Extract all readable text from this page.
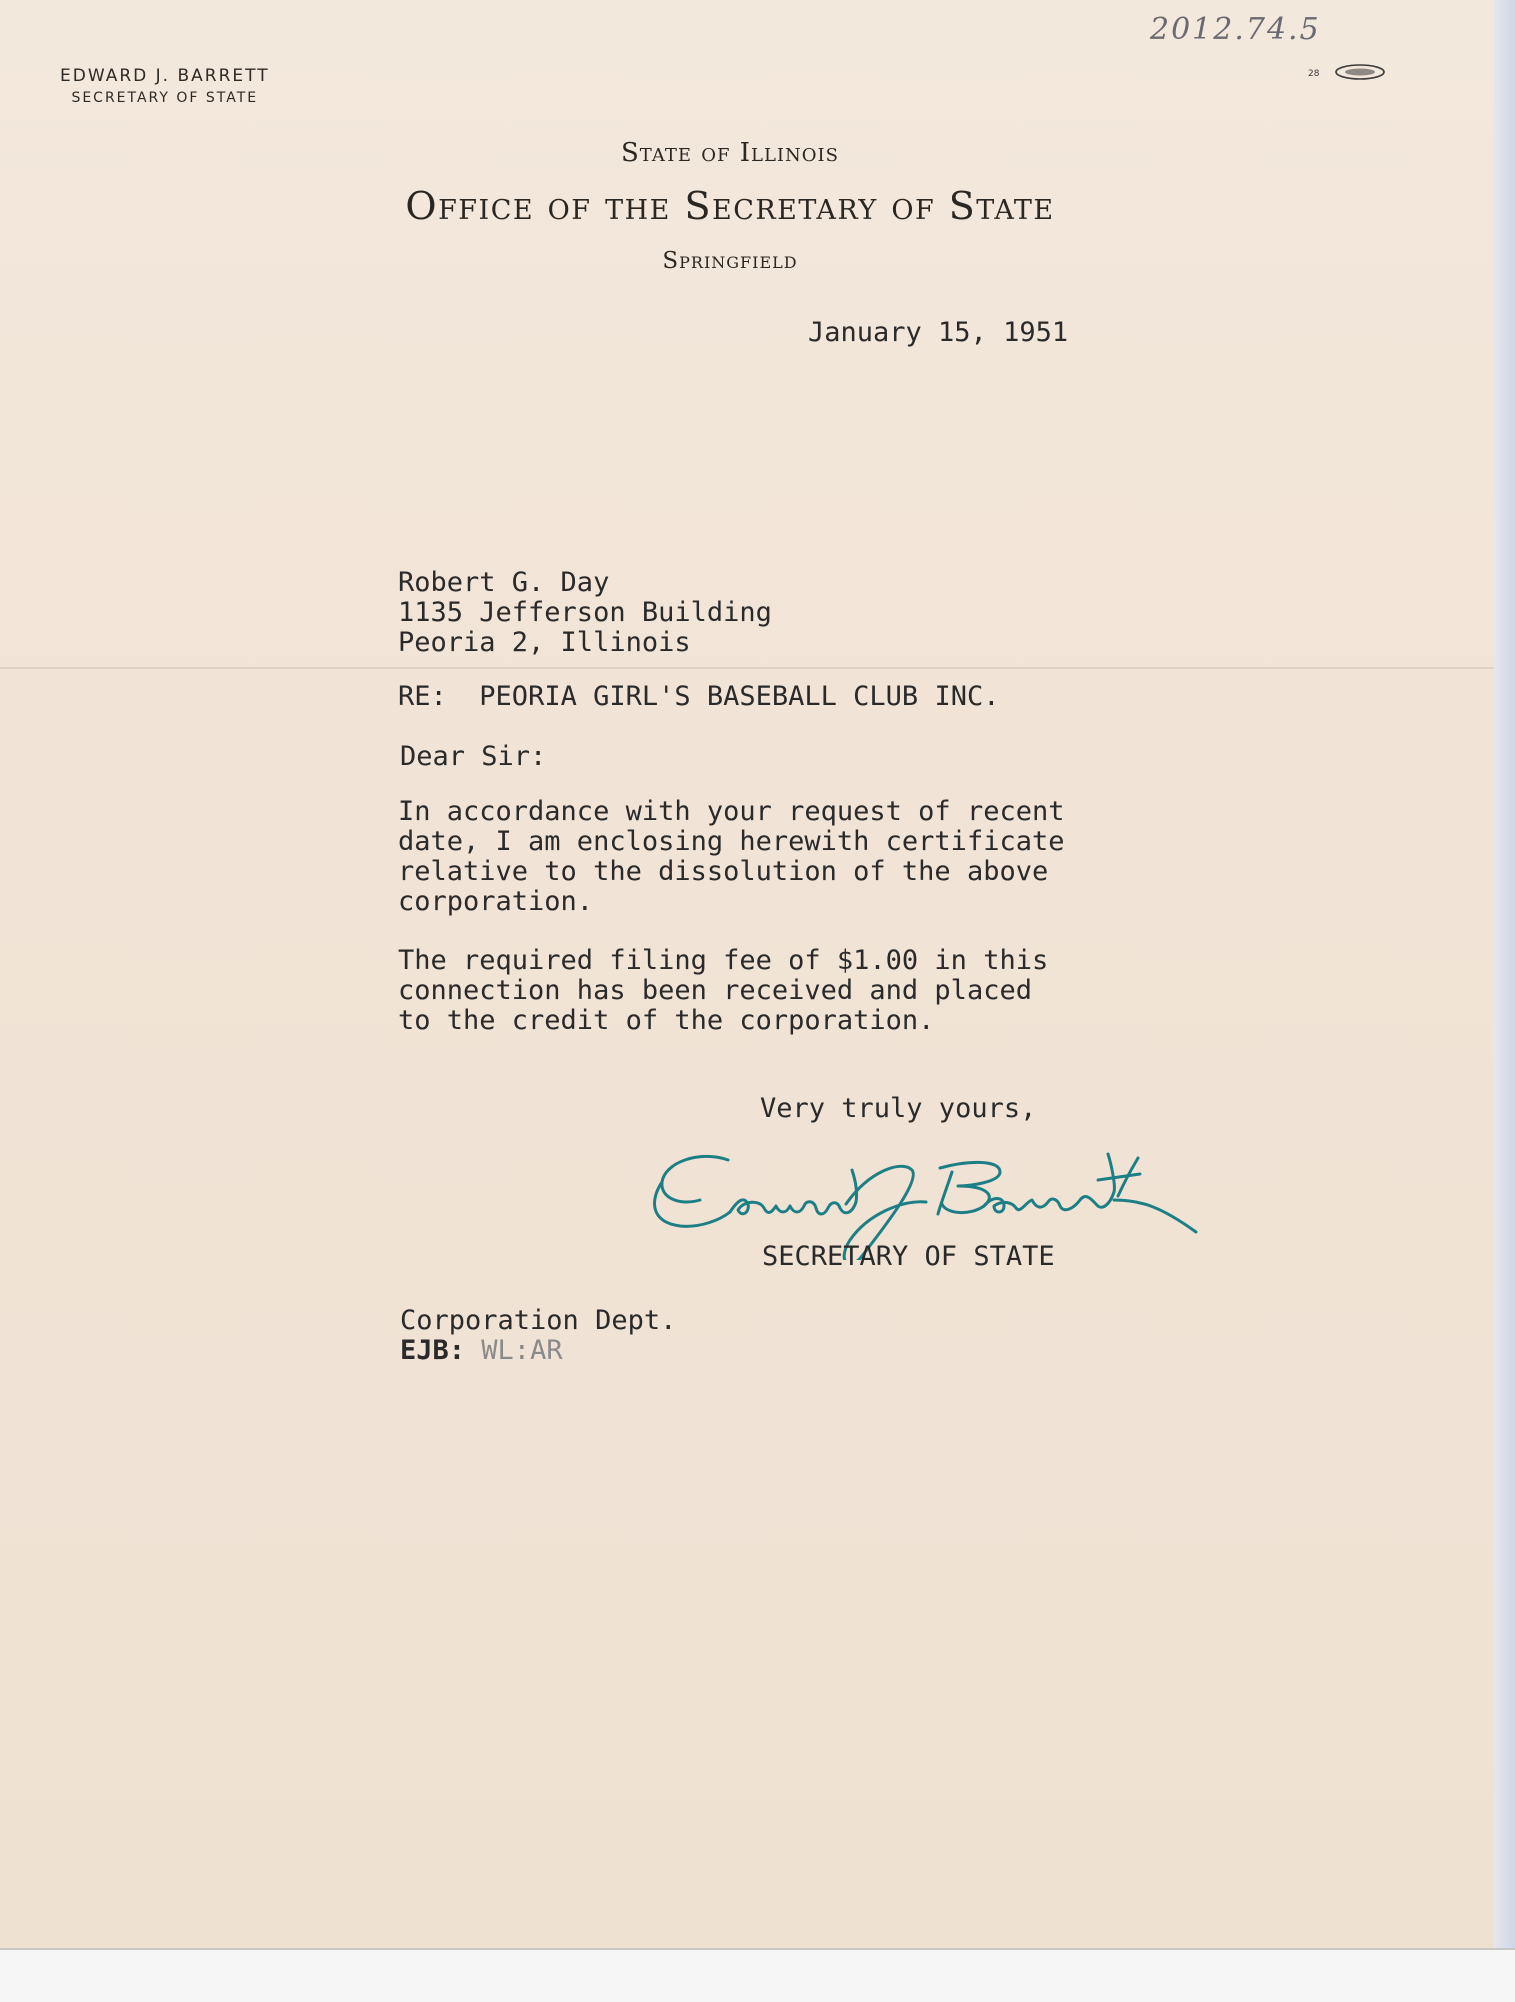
2012.74.5
28
EDWARD J. BARRETT
SECRETARY OF STATE
State of Illinois
Office of the Secretary of State
Springfield
January 15, 1951
Robert G. Day
1135 Jefferson Building
Peoria 2, Illinois
RE: PEORIA GIRL'S BASEBALL CLUB INC.
Dear Sir:
In accordance with your request of recent
date, I am enclosing herewith certificate
relative to the dissolution of the above
corporation.
The required filing fee of $1.00 in this
connection has been received and placed
to the credit of the corporation.
Very truly yours,
SECRETARY OF STATE
Corporation Dept.
EJB: WL:AR
